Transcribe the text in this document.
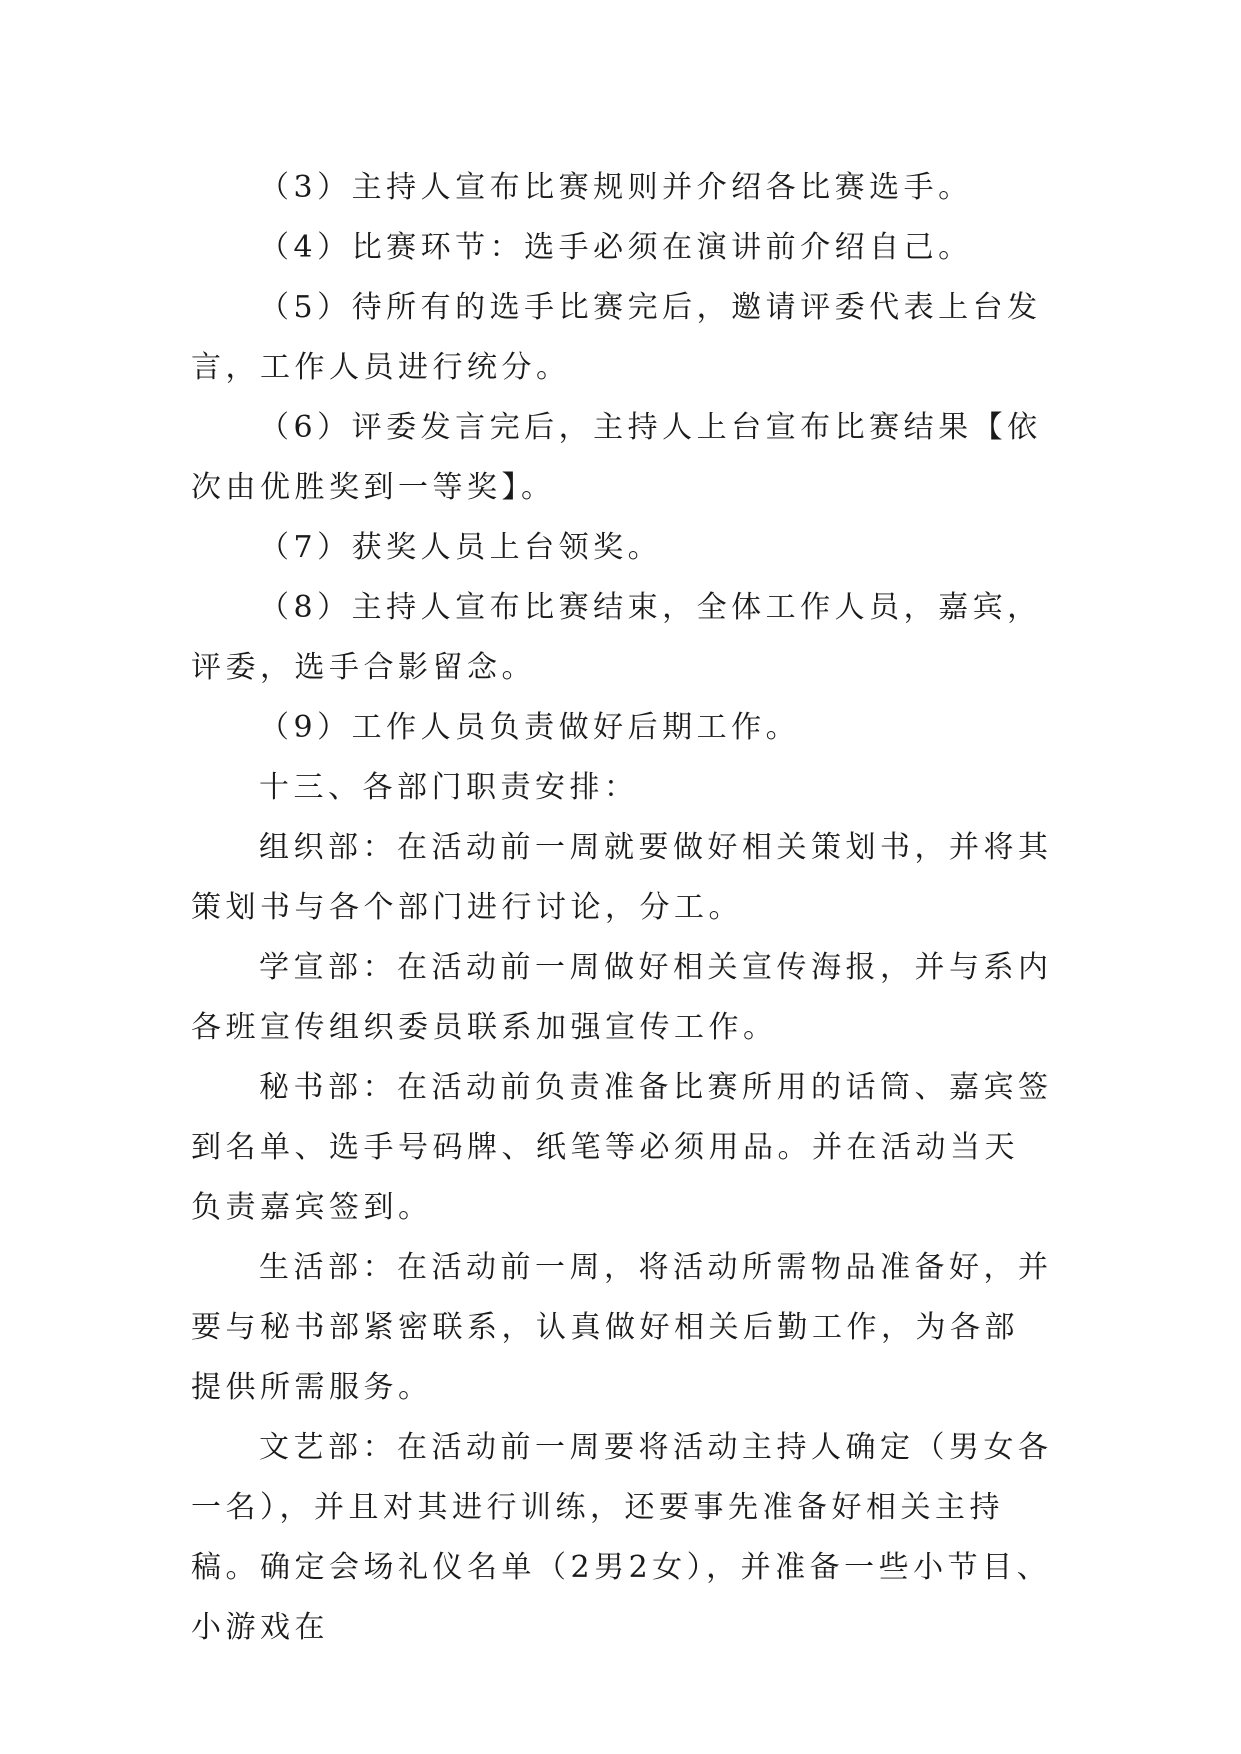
（3）主持人宣布比赛规则并介绍各比赛选手。

（4）比赛环节：选手必须在演讲前介绍自己。

（5）待所有的选手比赛完后，邀请评委代表上台发言，工作人员进行统分。

（6）评委发言完后，主持人上台宣布比赛结果【依次由优胜奖到一等奖】。

（7）获奖人员上台领奖。

（8）主持人宣布比赛结束，全体工作人员，嘉宾，评委，选手合影留念。

（9）工作人员负责做好后期工作。

十三、各部门职责安排：

组织部：在活动前一周就要做好相关策划书，并将其策划书与各个部门进行讨论，分工。

学宣部：在活动前一周做好相关宣传海报，并与系内各班宣传组织委员联系加强宣传工作。

秘书部：在活动前负责准备比赛所用的话筒、嘉宾签到名单、选手号码牌、纸笔等必须用品。并在活动当天负责嘉宾签到。

生活部：在活动前一周，将活动所需物品准备好，并要与秘书部紧密联系，认真做好相关后勤工作，为各部提供所需服务。

文艺部：在活动前一周要将活动主持人确定（男女各一名），并且对其进行训练，还要事先准备好相关主持稿。确定会场礼仪名单（2男2女），并准备一些小节目、小游戏在
